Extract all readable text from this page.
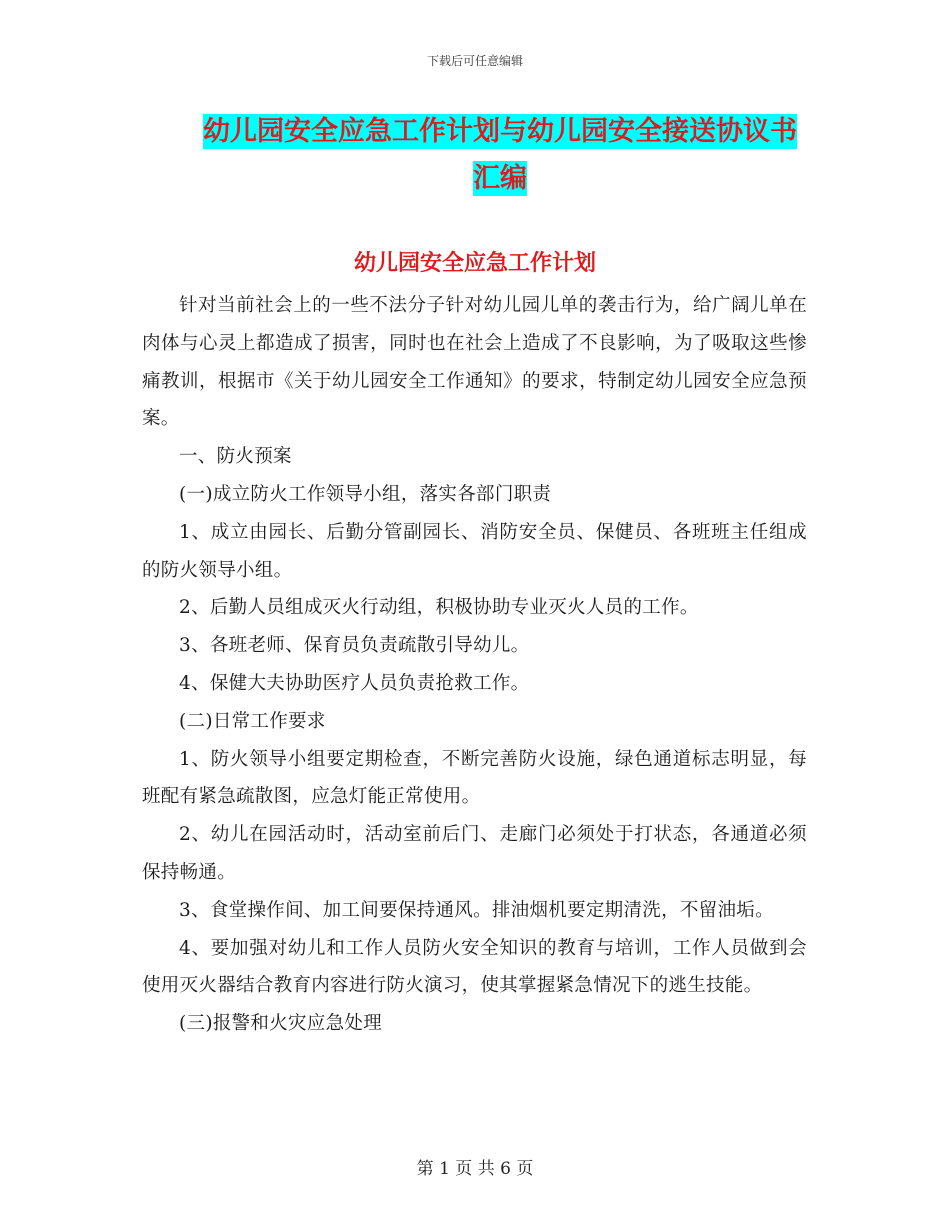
下载后可任意编辑
幼儿园安全应急工作计划与幼儿园安全接送协议书汇编
幼儿园安全应急工作计划

针对当前社会上的一些不法分子针对幼儿园儿单的袭击行为，给广阔儿单在肉体与心灵上都造成了损害，同时也在社会上造成了不良影响，为了吸取这些惨痛教训，根据市《关于幼儿园安全工作通知》的要求，特制定幼儿园安全应急预案。

一、防火预案

(一)成立防火工作领导小组，落实各部门职责

1、成立由园长、后勤分管副园长、消防安全员、保健员、各班班主任组成的防火领导小组。

2、后勤人员组成灭火行动组，积极协助专业灭火人员的工作。

3、各班老师、保育员负责疏散引导幼儿。

4、保健大夫协助医疗人员负责抢救工作。

(二)日常工作要求

1、防火领导小组要定期检查，不断完善防火设施，绿色通道标志明显，每班配有紧急疏散图，应急灯能正常使用。

2、幼儿在园活动时，活动室前后门、走廊门必须处于打状态，各通道必须保持畅通。

3、食堂操作间、加工间要保持通风。排油烟机要定期清洗，不留油垢。

4、要加强对幼儿和工作人员防火安全知识的教育与培训，工作人员做到会使用灭火器结合教育内容进行防火演习，使其掌握紧急情况下的逃生技能。

(三)报警和火灾应急处理

第 1 页 共 6 页
